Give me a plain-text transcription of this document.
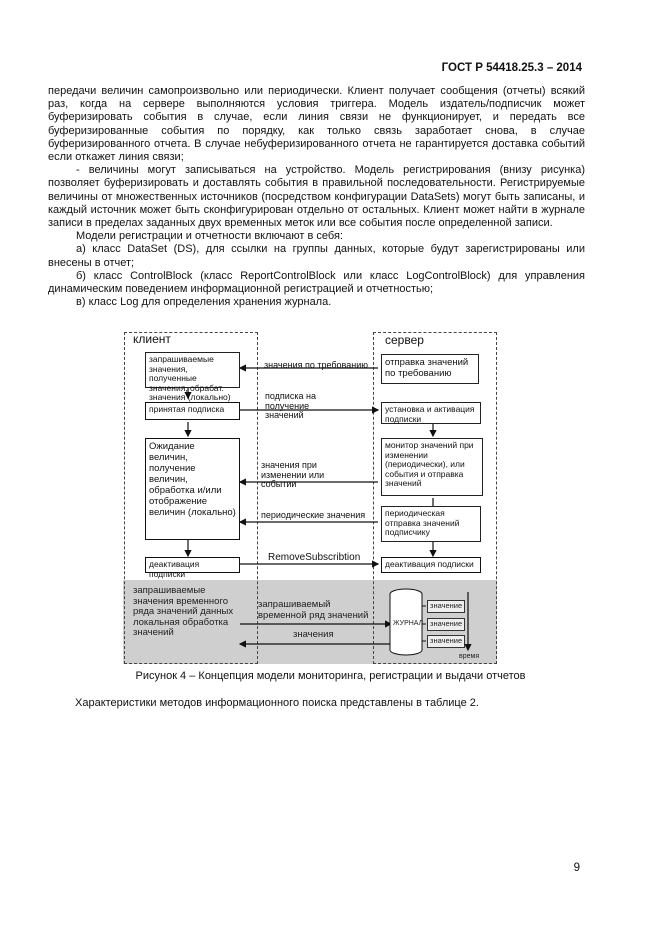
ГОСТ Р 54418.25.3 – 2014

передачи величин самопроизвольно или периодически. Клиент получает сообщения (отчеты) всякий раз, когда на сервере выполняются условия триггера. Модель издатель/подписчик может буферизировать события в случае, если линия связи не функционирует, и передать все буферизированные события по порядку, как только связь заработает снова, в случае буферизированного отчета. В случае небуферизированного отчета не гарантируется доставка событий если откажет линия связи;

- величины могут записываться на устройство. Модель регистрирования (внизу рисунка) позволяет буферизировать и доставлять события в правильной последовательности. Регистрируемые величины от множественных источников (посредством конфигурации DataSets) могут быть записаны, и каждый источник может быть сконфигурирован отдельно от остальных. Клиент может найти в журнале записи в пределах заданных двух временных меток или все события после определенной записи.

Модели регистрации и отчетности включают в себя:

а) класс DataSet (DS), для ссылки на группы данных, которые будут зарегистрированы или внесены в отчет;

б) класс ControlBlock (класс ReportControlBlock или класс LogControlBlock) для управления динамическим поведением информационной регистрацией и отчетностью;

в) класс Log для определения хранения журнала.

клиент	сервер
запрашиваемые значения, полученные значения, обрабат. значения (локально)
отправка значений по требованию
значения по требованию
подписка на получение значений
принятая подписка	установка и активация подписки
Ожидание величин, получение величин, обработка и/или отображение величин (локально)
монитор значений при изменении (периодически), или события и отправка значений
значения при изменении или событии
периодические значения	периодическая отправка значений подписчику
RemoveSubscribtion
деактивация подписки
деактивация подписки
запрашиваемые значения временного ряда значений данных локальная обработка значений
запрашиваемый временной ряд значений
значения
ЖУРНАЛ
значение
значение
значение
время
Рисунок 4 – Концепция модели мониторинга, регистрации и выдачи отчетов
Характеристики методов информационного поиска представлены в таблице 2.
9
